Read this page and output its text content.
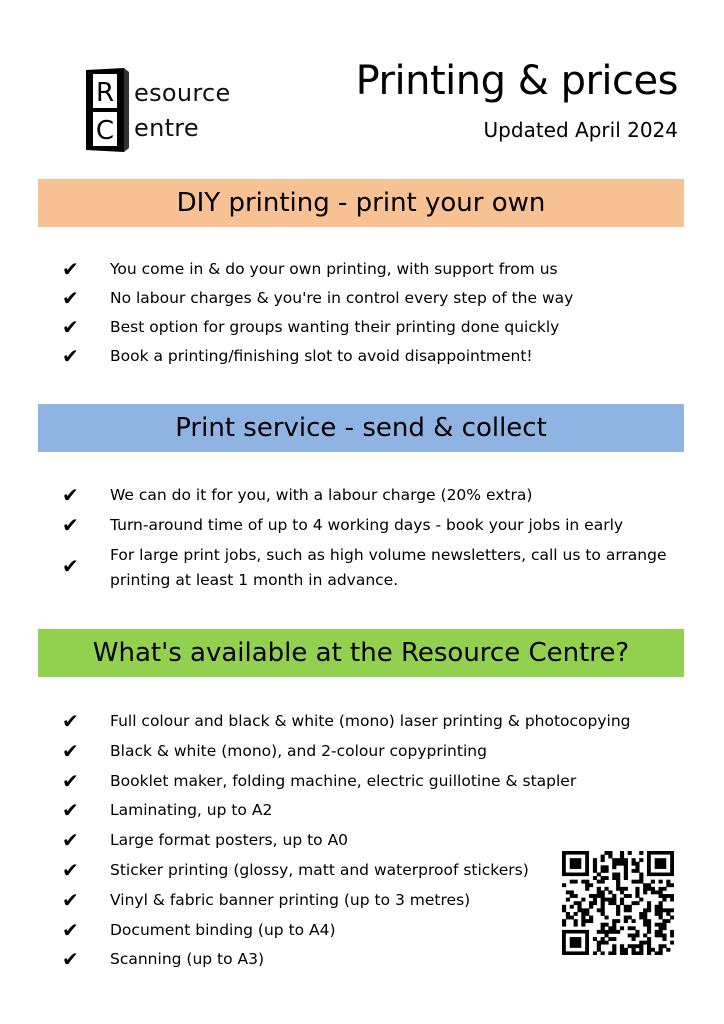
R
C
esource
entre
Printing & prices
Updated April 2024
DIY printing - print your own
✔ You come in & do your own printing, with support from us
✔ No labour charges & you're in control every step of the way
✔ Best option for groups wanting their printing done quickly
✔ Book a printing/finishing slot to avoid disappointment!
Print service - send & collect
✔ We can do it for you, with a labour charge (20% extra)
✔ Turn-around time of up to 4 working days - book your jobs in early
✔ For large print jobs, such as high volume newsletters, call us to arrange printing at least 1 month in advance.
What's available at the Resource Centre?
✔ Full colour and black & white (mono) laser printing & photocopying
✔ Black & white (mono), and 2-colour copyprinting
✔ Booklet maker, folding machine, electric guillotine & stapler
✔ Laminating, up to A2
✔ Large format posters, up to A0
✔ Sticker printing (glossy, matt and waterproof stickers)
✔ Vinyl & fabric banner printing (up to 3 metres)
✔ Document binding (up to A4)
✔ Scanning (up to A3)
